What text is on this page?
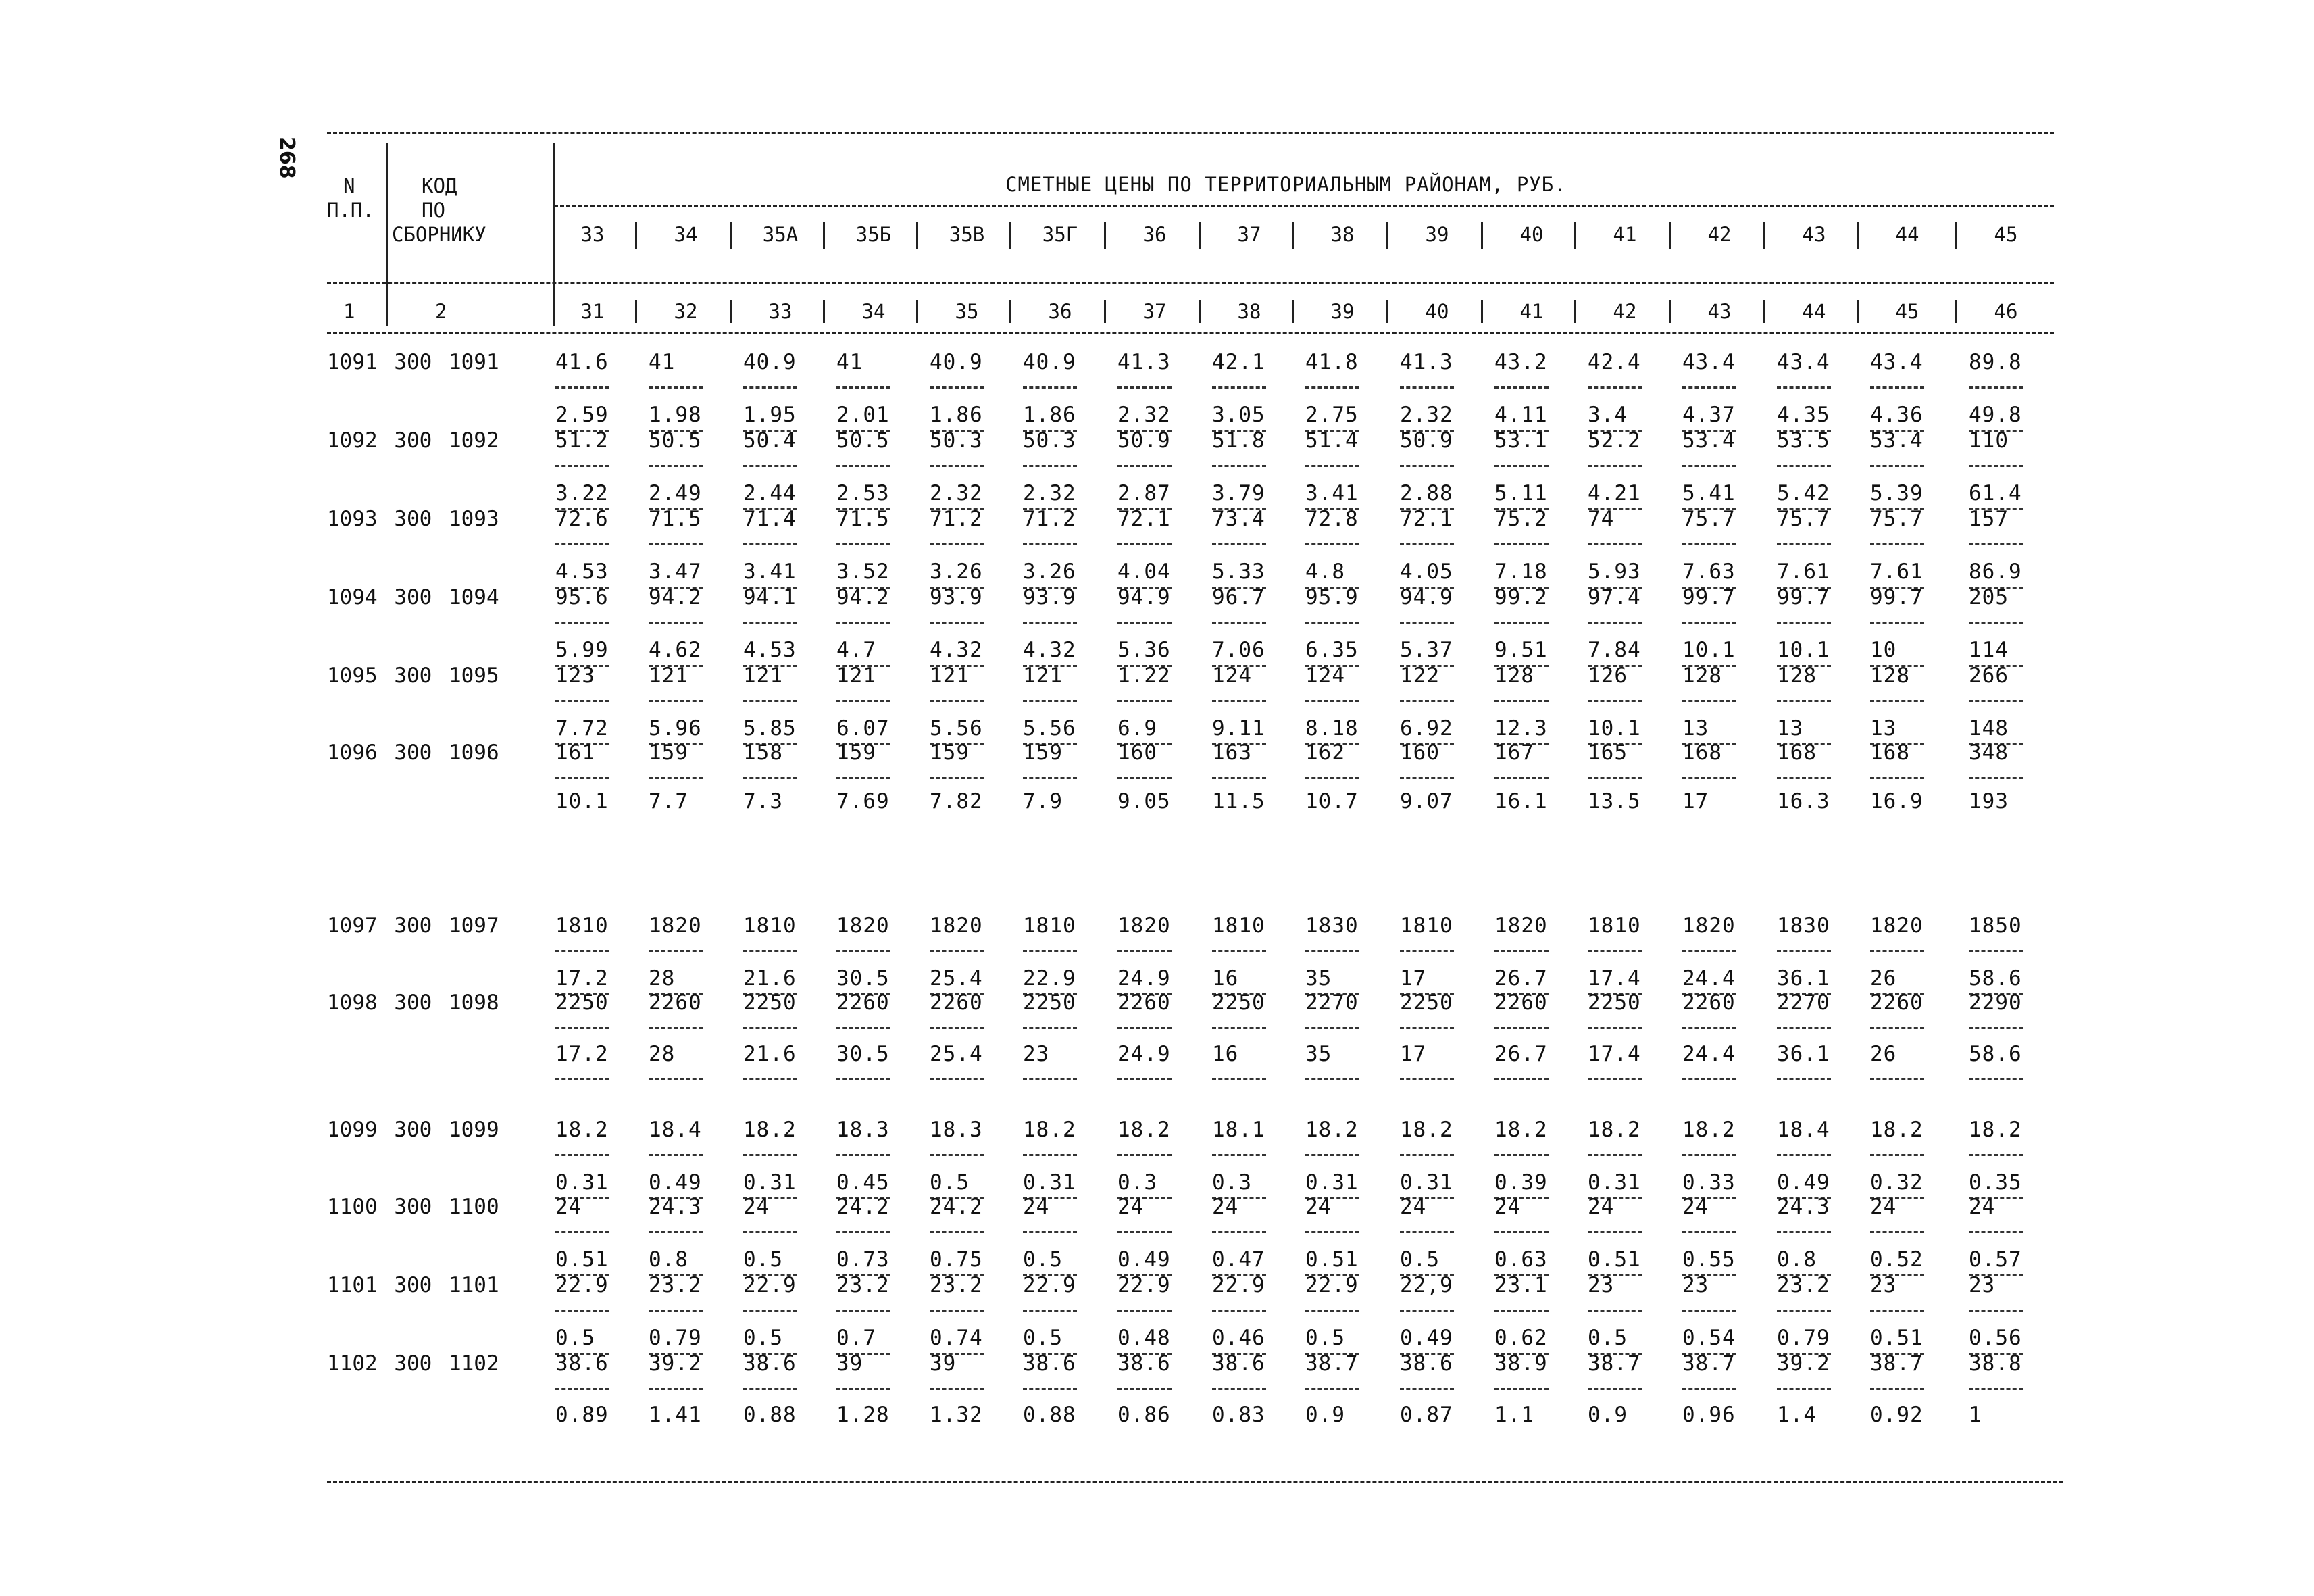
268
N
П.П.
КОД
ПО
СБОРНИКУ
СМЕТНЫЕ ЦЕНЫ ПО ТЕРРИТОРИАЛЬНЫМ РАЙОНАМ, РУБ.
1	2
33	34	35А	35Б	35В	35Г	36	37	38	39	40	41	42	43	44	45
31	32	33	34	35	36	37	38	39	40	41	42	43	44	45	46
1091 300 1091	41.6 41	40.9 41	40.9 40.9 41.3 42.1 41.8 41.3 43.2 42.4 43.4 43.4 43.4 89.8
2.59 1.98 1.95 2.01 1.86 1.86 2.32 3.05 2.75 2.32 4.11 3.4	4.37 4.35 4.36 49.8
1092 300 1092	51.2 50.5 50.4 50.5 50.3 50.3 50.9 51.8 51.4 50.9 53.1 52.2 53.4 53.5 53.4 110
3.22 2.49 2.44 2.53 2.32 2.32 2.87 3.79 3.41 2.88 5.11 4.21 5.41 5.42 5.39 61.4
1093 300 1093	72.6 71.5 71.4 71.5 71.2 71.2 72.1 73.4 72.8 72.1 75.2 74	75.7 75.7 75.7 157
4.53 3.47 3.41 3.52 3.26 3.26 4.04 5.33 4.8	4.05 7.18 5.93 7.63 7.61 7.61 86.9
1094 300 1094	95.6 94.2 94.1 94.2 93.9 93.9 94.9 96.7 95.9 94.9 99.2 97.4 99.7 99.7 99.7 205
5.99 4.62 4.53 4.7	4.32 4.32 5.36 7.06 6.35 5.37 9.51 7.84 10.1 10.1 10	114
1095 300 1095	123	121	121	121	121	121	1.22 124	124	122	128	126	128	128	128	266
7.72 5.96 5.85 6.07 5.56 5.56 6.9	9.11 8.18 6.92 12.3 10.1 13	13	13	148
1096 300 1096	161	159	158	159	159	159	160	163	162	160	167	165	168	168	168	348
10.1 7.7	7.3	7.69 7.82 7.9	9.05 11.5 10.7 9.07 16.1 13.5 17	16.3 16.9 193
1097 300 1097	1810 1820 1810 1820 1820 1810 1820 1810 1830 1810 1820 1810 1820 1830 1820 1850
17.2 28	21.6 30.5 25.4 22.9 24.9 16	35	17	26.7 17.4 24.4 36.1 26	58.6
1098 300 1098	2250 2260 2250 2260 2260 2250 2260 2250 2270 2250 2260 2250 2260 2270 2260 2290
17.2 28	21.6 30.5 25.4 23	24.9 16	35	17	26.7 17.4 24.4 36.1 26	58.6
1099 300 1099	18.2 18.4 18.2 18.3 18.3 18.2 18.2 18.1 18.2 18.2 18.2 18.2 18.2 18.4 18.2 18.2
0.31 0.49 0.31 0.45 0.5	0.31 0.3	0.3	0.31 0.31 0.39 0.31 0.33 0.49 0.32 0.35
1100 300 1100	24	24.3 24	24.2 24.2 24	24	24	24	24	24	24	24	24.3 24	24
0.51 0.8	0.5	0.73 0.75 0.5	0.49 0.47 0.51 0.5	0.63 0.51 0.55 0.8	0.52 0.57
1101 300 1101	22.9 23.2 22.9 23.2 23.2 22.9 22.9 22.9 22.9 22,9 23.1 23	23	23.2 23	23
0.5	0.79 0.5	0.7	0.74 0.5	0.48 0.46 0.5	0.49 0.62 0.5	0.54 0.79 0.51 0.56
1102 300 1102	38.6 39.2 38.6 39	39	38.6 38.6 38.6 38.7 38.6 38.9 38.7 38.7 39.2 38.7 38.8
0.89 1.41 0.88 1.28 1.32 0.88 0.86 0.83 0.9	0.87 1.1	0.9	0.96 1.4	0.92 1
